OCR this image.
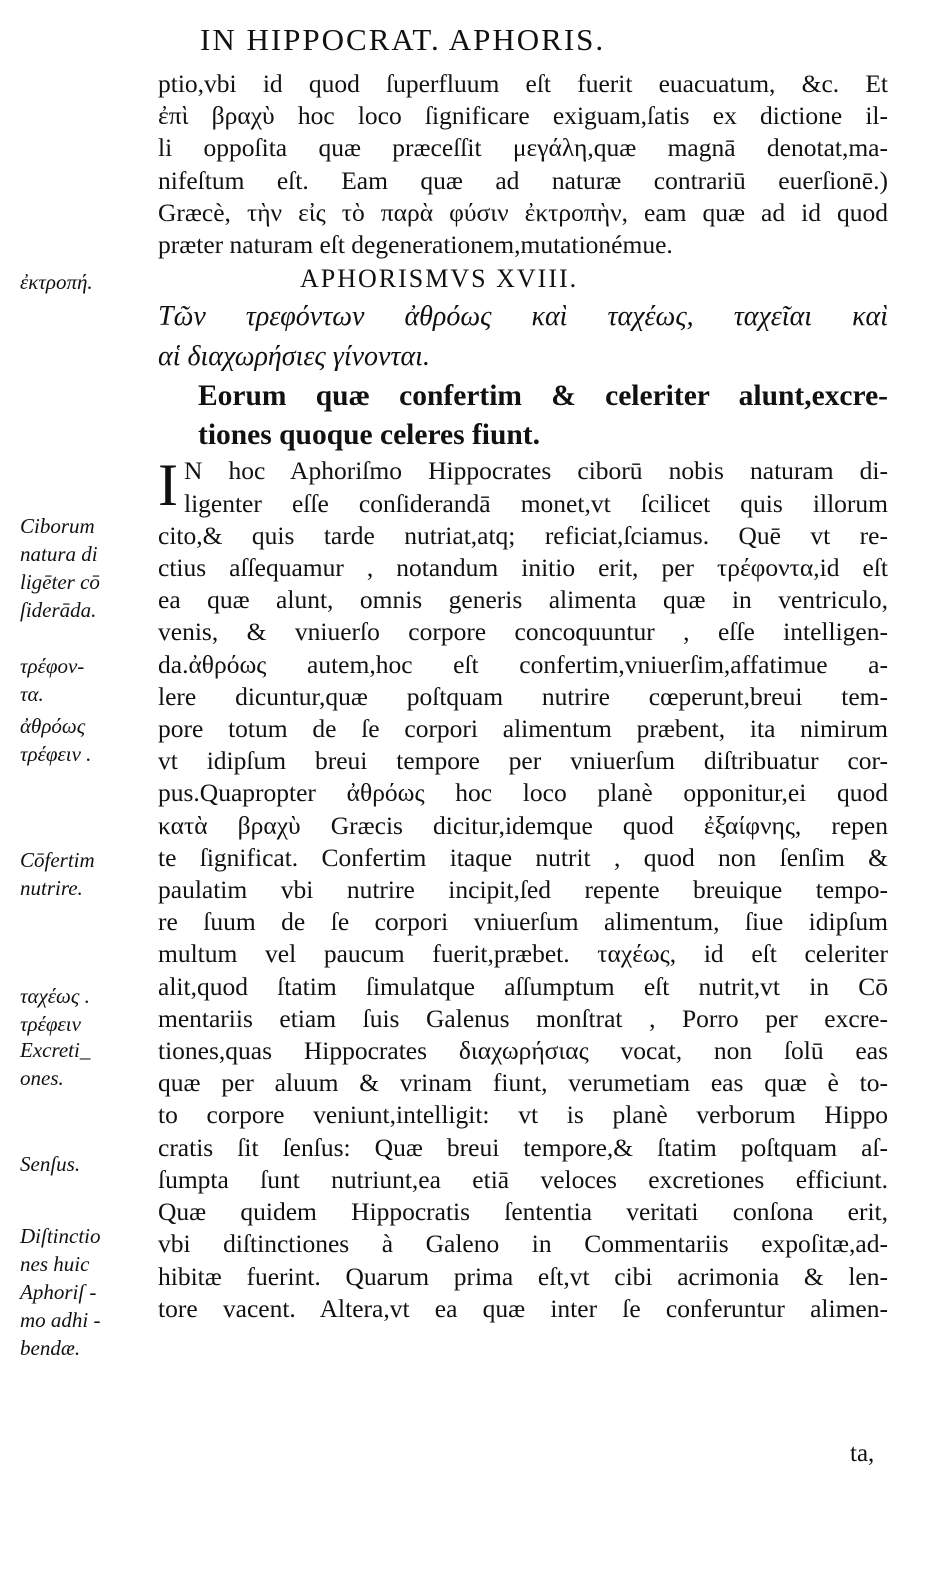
IN HIPPOCRAT. APHORIS.

ptio,vbi id quod ſuperfluum eſt fuerit euacuatum, &c. Et
ἐπὶ βραχὺ hoc loco ſignificare exiguam,ſatis ex dictione il-
li oppoſita quæ præceſſit μεγάλη,quæ magnā denotat,ma-
nifeſtum eſt. Eam quæ ad naturæ contrariū euerſionē.)
Græcè, τὴν εἰς τὸ παρὰ φύσιν ἐκτροπὴν, eam quæ ad id quod
præter naturam eſt degenerationem,mutationémue.

APHORISMVS XVIII.
Τῶν τρεφόντων ἀθρόως καὶ ταχέως, ταχεῖαι καὶ
αἱ διαχωρήσιες γίνονται.
Eorum quæ confertim & celeriter alunt,excre-
tiones quoque celeres fiunt.

I N hoc Aphoriſmo Hippocrates ciborū nobis naturam di-
ligenter eſſe conſiderandā monet,vt ſcilicet quis illorum
cito,& quis tarde nutriat,atq; reficiat,ſciamus. Quē vt re-
ctius aſſequamur , notandum initio erit, per τρέφοντα,id eſt
ea quæ alunt, omnis generis alimenta quæ in ventriculo,
venis, & vniuerſo corpore concoquuntur , eſſe intelligen-
da.ἀθρόως autem,hoc eſt confertim,vniuerſim,affatimue a-
lere dicuntur,quæ poſtquam nutrire cœperunt,breui tem-
pore totum de ſe corpori alimentum præbent, ita nimirum
vt idipſum breui tempore per vniuerſum diſtribuatur cor-
pus.Quapropter ἀθρόως hoc loco planè opponitur,ei quod
κατὰ βραχὺ Græcis dicitur,idemque quod ἐξαίφνης, repen
te ſignificat. Confertim itaque nutrit , quod non ſenſim &
paulatim vbi nutrire incipit,ſed repente breuique tempo-
re ſuum de ſe corpori vniuerſum alimentum, ſiue idipſum
multum vel paucum fuerit,præbet. ταχέως, id eſt celeriter
alit,quod ſtatim ſimulatque aſſumptum eſt nutrit,vt in Cō
mentariis etiam ſuis Galenus monſtrat , Porro per excre-
tiones,quas Hippocrates διαχωρήσιας vocat, non ſolū eas
quæ per aluum & vrinam fiunt, verumetiam eas quæ è to-
to corpore veniunt,intelligit: vt is planè verborum Hippo
cratis ſit ſenſus: Quæ breui tempore,& ſtatim poſtquam aſ-
ſumpta ſunt nutriunt,ea etiā veloces excretiones efficiunt.
Quæ quidem Hippocratis ſententia veritati conſona erit,
vbi diſtinctiones à Galeno in Commentariis expoſitæ,ad-
hibitæ fuerint. Quarum prima eſt,vt cibi acrimonia & len-
tore vacent. Altera,vt ea quæ inter ſe conferuntur alimen-

ta,
ἐκτροπή.
Ciborum
natura di
ligēter cō
ſiderāda.
τρέφον-
τα.
ἀθρόως
τρέφειν .
Cōfertim
nutrire.
ταχέως .
τρέφειν
Excreti_
ones.
Senſus.
Diſtinctio
nes huic
Aphoriſ -
mo adhi -
bendæ.
